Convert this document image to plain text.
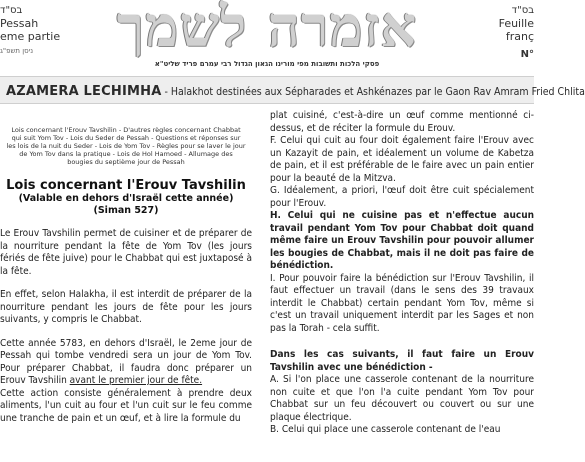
בס"ד
Pessah
eme partie
ניסן תשפ"ג	אזמרה לשמך
פסקי הלכות ותשובות מפי מורינו הגאון הגדול רבי עמרם פריד שליט"א
בס"ד
Feuille
franç
N°
AZAMERA LECHIMHA - Halakhot destinées aux Sépharades et Ashkénazes par le Gaon Rav Amram Fried Chlita
Lois concernant l'Erouv Tavshilin - D'autres règles concernant Chabbat qui suit Yom Tov - Lois du Seder de Pessah - Questions et réponses sur les lois de la nuit du Seder - Lois de Yom Tov - Règles pour se laver le jour de Yom Tov dans la pratique - Lois de Hol Hamoed - Allumage des bougies du septième jour de Pessah
Lois concernant l'Erouv Tavshilin
(Valable en dehors d'Israël cette année)
(Siman 527)

Le Erouv Tavshilin permet de cuisiner et de préparer de la nourriture pendant la fête de Yom Tov (les jours fériés de fête juive) pour le Chabbat qui est juxtaposé à la fête.

En effet, selon Halakha, il est interdit de préparer de la nourriture pendant les jours de fête pour les jours suivants, y compris le Chabbat.

Cette année 5783, en dehors d'Israël, le 2eme jour de Pessah qui tombe vendredi sera un jour de Yom Tov. Pour préparer Chabbat, il faudra donc préparer un Erouv Tavshilin avant le premier jour de fête.

Cette action consiste généralement à prendre deux aliments, l'un cuit au four et l'un cuit sur le feu comme une tranche de pain et un œuf, et à lire la formule du

plat cuisiné, c'est-à-dire un œuf comme mentionné ci-dessus, et de réciter la formule du Erouv.

F. Celui qui cuit au four doit également faire l'Erouv avec un Kazayit de pain, et idéalement un volume de Kabetza de pain, et il est préférable de le faire avec un pain entier pour la beauté de la Mitzva.

G. Idéalement, a priori, l'œuf doit être cuit spécialement pour l'Erouv.

H. Celui qui ne cuisine pas et n'effectue aucun travail pendant Yom Tov pour Chabbat doit quand même faire un Erouv Tavshilin pour pouvoir allumer les bougies de Chabbat, mais il ne doit pas faire de bénédiction.

I. Pour pouvoir faire la bénédiction sur l'Erouv Tavshilin, il faut effectuer un travail (dans le sens des 39 travaux interdit le Chabbat) certain pendant Yom Tov, même si c'est un travail uniquement interdit par les Sages et non pas la Torah - cela suffit.

Dans les cas suivants, il faut faire un Erouv Tavshilin avec une bénédiction -

A. Si l'on place une casserole contenant de la nourriture non cuite et que l'on l'a cuite pendant Yom Tov pour Chabbat sur un feu découvert ou couvert ou sur une plaque électrique.

B. Celui qui place une casserole contenant de l'eau
